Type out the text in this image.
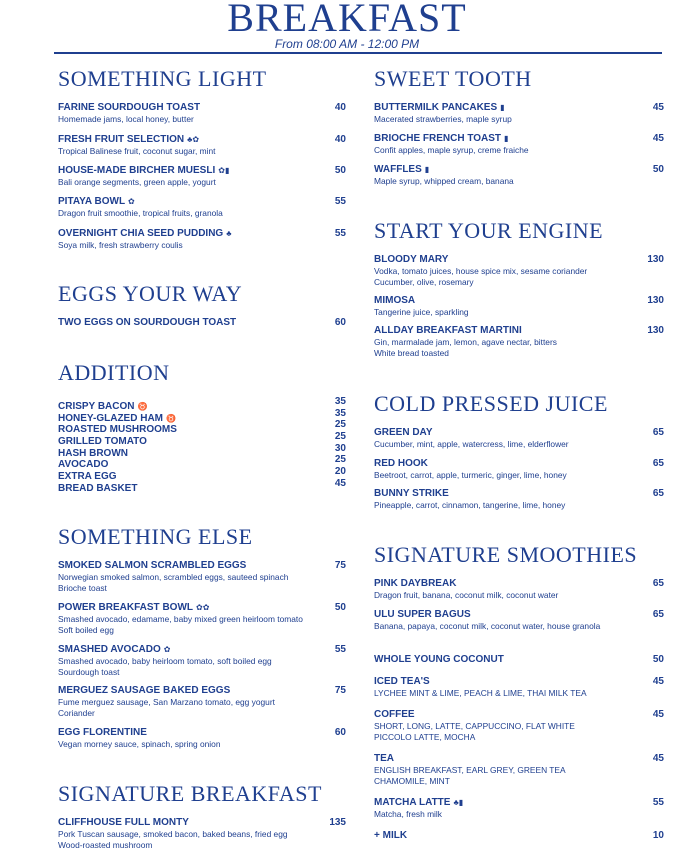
BREAKFAST
From 08:00 AM - 12:00 PM
SOMETHING LIGHT
FARINE SOURDOUGH TOAST	40
Homemade jams, local honey, butter
FRESH FRUIT SELECTION ♣✿	40
Tropical Balinese fruit, coconut sugar, mint
HOUSE-MADE BIRCHER MUESLI ✿▮	50
Bali orange segments, green apple, yogurt
PITAYA BOWL ✿	55
Dragon fruit smoothie, tropical fruits, granola
OVERNIGHT CHIA SEED PUDDING ♣	55
Soya milk, fresh strawberry coulis
EGGS YOUR WAY
TWO EGGS ON SOURDOUGH TOAST	60
ADDITION
CRISPY BACON ♉	35
HONEY-GLAZED HAM ♉	35
ROASTED MUSHROOMS	25
GRILLED TOMATO	25
HASH BROWN	30
AVOCADO	25
EXTRA EGG	20
BREAD BASKET	45
SOMETHING ELSE
SMOKED SALMON SCRAMBLED EGGS	75
Norwegian smoked salmon, scrambled eggs, sauteed spinach
Brioche toast
POWER BREAKFAST BOWL ✿✿	50
Smashed avocado, edamame, baby mixed green heirloom tomato
Soft boiled egg
SMASHED AVOCADO ✿	55
Smashed avocado, baby heirloom tomato, soft boiled egg
Sourdough toast
MERGUEZ SAUSAGE BAKED EGGS	75
Fume merguez sausage, San Marzano tomato, egg yogurt
Coriander
EGG FLORENTINE	60
Vegan morney sauce, spinach, spring onion
SIGNATURE BREAKFAST
CLIFFHOUSE FULL MONTY	135
Pork Tuscan sausage, smoked bacon, baked beans, fried egg
Wood-roasted mushroom
SWEET TOOTH
BUTTERMILK PANCAKES ▮	45
Macerated strawberries, maple syrup
BRIOCHE FRENCH TOAST ▮	45
Confit apples, maple syrup, creme fraiche
WAFFLES ▮	50
Maple syrup, whipped cream, banana
START YOUR ENGINE
BLOODY MARY	130
Vodka, tomato juices, house spice mix, sesame coriander
Cucumber, olive, rosemary
MIMOSA	130
Tangerine juice, sparkling
ALLDAY BREAKFAST MARTINI	130
Gin, marmalade jam, lemon, agave nectar, bitters
White bread toasted
COLD PRESSED JUICE
GREEN DAY	65
Cucumber, mint, apple, watercress, lime, elderflower
RED HOOK	65
Beetroot, carrot, apple, turmeric, ginger, lime, honey
BUNNY STRIKE	65
Pineapple, carrot, cinnamon, tangerine, lime, honey
SIGNATURE SMOOTHIES
PINK DAYBREAK	65
Dragon fruit, banana, coconut milk, coconut water
ULU SUPER BAGUS	65
Banana, papaya, coconut milk, coconut water, house granola
WHOLE YOUNG COCONUT	50
ICED TEA'S	45
LYCHEE MINT & LIME, PEACH & LIME, THAI MILK TEA
COFFEE	45
SHORT, LONG, LATTE, CAPPUCCINO, FLAT WHITE
PICCOLO LATTE, MOCHA
TEA	45
ENGLISH BREAKFAST, EARL GREY, GREEN TEA
CHAMOMILE, MINT
MATCHA LATTE ♣▮	55
Matcha, fresh milk
+ MILK	10
